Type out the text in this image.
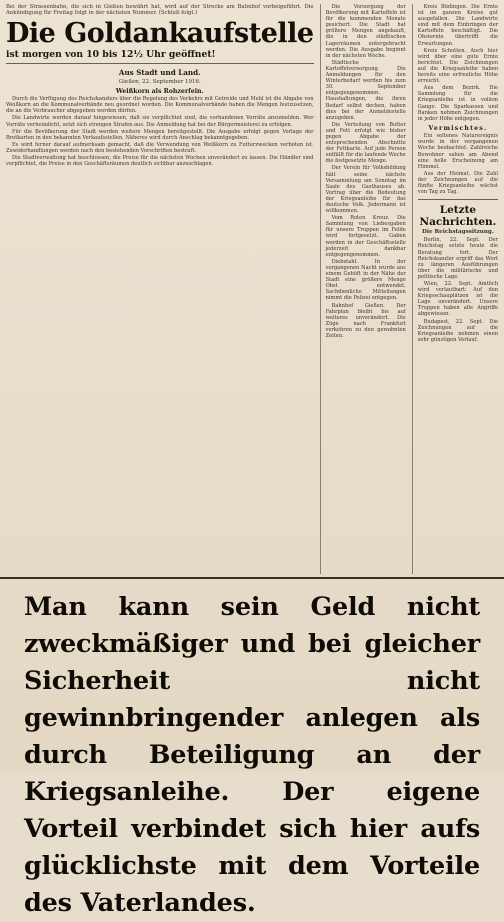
Bei der Strassenbahn, die sich in Gießen bewährt hat, wird auf der Strecke am Bahnhof vorbeigeführt. Die Ankündigung für Freitag folgt in der nächsten Nummer. (Schluß folgt.)
Die Goldankaufstelle
ist morgen von 10 bis 12½ Uhr geöffnet!
Aus Stadt und Land.
Gießen, 22. September 1916.
Weißkorn als Rohzerfein.

Durch die Verfügung des Reichskanzlers über die Regelung des Verkehrs mit Getreide und Mehl ist die Abgabe von Weißkorn an die Kommunalverbände neu geordnet worden. Die Kommunalverbände haben die Mengen festzusetzen, die an die Verbraucher abgegeben werden dürfen.

Die Landwirte werden darauf hingewiesen, daß sie verpflichtet sind, die vorhandenen Vorräte anzumelden. Wer Vorräte verheimlicht, setzt sich strengen Strafen aus. Die Anmeldung hat bei der Bürgermeisterei zu erfolgen.

Für die Bevölkerung der Stadt werden weitere Mengen bereitgestellt. Die Ausgabe erfolgt gegen Vorlage der Brotkarten in den bekannten Verkaufsstellen. Näheres wird durch Anschlag bekanntgegeben.

Es wird ferner darauf aufmerksam gemacht, daß die Verwendung von Weißkorn zu Futterzwecken verboten ist. Zuwiderhandlungen werden nach den bestehenden Vorschriften bestraft.

Die Stadtverwaltung hat beschlossen, die Preise für die nächsten Wochen unverändert zu lassen. Die Händler sind verpflichtet, die Preise in den Geschäftsräumen deutlich sichtbar anzuschlagen.

Die Versorgung der Bevölkerung mit Kartoffeln ist für die kommenden Monate gesichert. Die Stadt hat größere Mengen angekauft, die in den städtischen Lagerräumen untergebracht werden. Die Ausgabe beginnt in der nächsten Woche.

Städtische Kartoffelversorgung. Die Anmeldungen für den Winterbedarf werden bis zum 30. September entgegengenommen. Haushaltungen, die ihren Bedarf selbst decken, haben dies bei der Anmeldestelle anzugeben.

Die Verteilung von Butter und Fett erfolgt wie bisher gegen Abgabe der entsprechenden Abschnitte der Fettkarte. Auf jede Person entfällt für die laufende Woche die festgesetzte Menge.

Der Verein für Volksbildung hält seine nächste Versammlung am Sonntag im Saale des Gasthauses ab. Vortrag über die Bedeutung der Kriegsanleihe für das deutsche Volk. Jedermann ist willkommen.

Vom Roten Kreuz. Die Sammlung von Liebesgaben für unsere Truppen im Felde wird fortgesetzt. Gaben werden in der Geschäftsstelle jederzeit dankbar entgegengenommen.

Diebstahl. In der vergangenen Nacht wurde aus einem Gehöft in der Nähe der Stadt eine größere Menge Obst entwendet. Sachdienliche Mitteilungen nimmt die Polizei entgegen.

Bahnhof Gießen. Der Fahrplan bleibt bis auf weiteres unverändert. Die Züge nach Frankfurt verkehren zu den gewohnten Zeiten.

Kreis Büdingen. Die Ernte ist im ganzen Kreise gut ausgefallen. Die Landwirte sind mit dem Einbringen der Kartoffeln beschäftigt. Die Obsternte übertrifft die Erwartungen.

Kreis Schotten. Auch hier wird über eine gute Ernte berichtet. Die Zeichnungen auf die Kriegsanleihe haben bereits eine erfreuliche Höhe erreicht.

Aus dem Bezirk. Die Sammlung für die Kriegsanleihe ist in vollem Gange. Die Sparkassen und Banken nehmen Zeichnungen in jeder Höhe entgegen.

Vermischtes.

Ein seltenes Naturereignis wurde in der vergangenen Woche beobachtet. Zahlreiche Bewohner sahen am Abend eine helle Erscheinung am Himmel.

Aus der Heimat. Die Zahl der Zeichnungen auf die fünfte Kriegsanleihe wächst von Tag zu Tag.

Letzte Nachrichten.
Die Reichstagssitzung.

Berlin, 22. Sept. Der Reichstag setzte heute die Beratung fort. Der Reichskanzler ergriff das Wort zu längeren Ausführungen über die militärische und politische Lage.

Wien, 22. Sept. Amtlich wird verlautbart: Auf den Kriegsschauplätzen ist die Lage unverändert. Unsere Truppen haben alle Angriffe abgewiesen.

Budapest, 22. Sept. Die Zeichnungen auf die Kriegsanleihe nehmen einen sehr günstigen Verlauf.

Man kann sein Geld nicht zweckmäßiger und bei gleicher Sicherheit nicht gewinnbringender anlegen als durch Beteiligung an der Kriegsanleihe. Der eigene Vorteil verbindet sich hier aufs glücklichste mit dem Vorteile des Vaterlandes.
